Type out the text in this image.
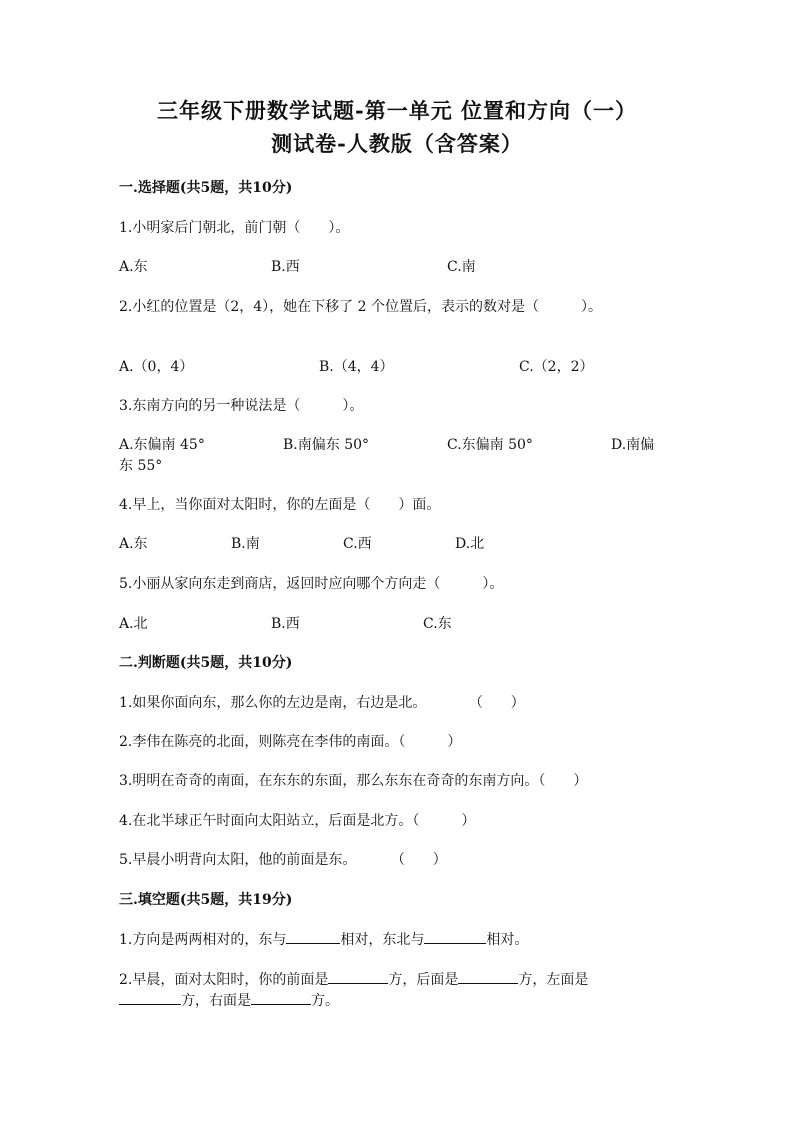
三年级下册数学试题-第一单元 位置和方向（一）
测试卷-人教版（含答案）
一.选择题(共5题，共10分)
1.小明家后门朝北，前门朝（　　）。
A.东	B.西	C.南
2.小红的位置是（2，4），她在下移了 2 个位置后，表示的数对是（　　　）。
A.（0，4）	B.（4，4）	C.（2，2）
3.东南方向的另一种说法是（　　　）。
A.东偏南 45°	B.南偏东 50°	C.东偏南 50°	D.南偏
东 55°
4.早上，当你面对太阳时，你的左面是（　　）面。
A.东	B.南	C.西	D.北
5.小丽从家向东走到商店，返回时应向哪个方向走（　　　）。
A.北	B.西	C.东
二.判断题(共5题，共10分)
1.如果你面向东，那么你的左边是南，右边是北。	（　　）
2.李伟在陈亮的北面，则陈亮在李伟的南面。（　　　）
3.明明在奇奇的南面，在东东的东面，那么东东在奇奇的东南方向。（　　）
4.在北半球正午时面向太阳站立，后面是北方。（　　　）
5.早晨小明背向太阳，他的前面是东。 （　　）
三.填空题(共5题，共19分)
1.方向是两两相对的，东与	相对，东北与	相对。
2.早晨，面对太阳时，你的前面是	方，后面是	方，左面是
方，右面是	方。
